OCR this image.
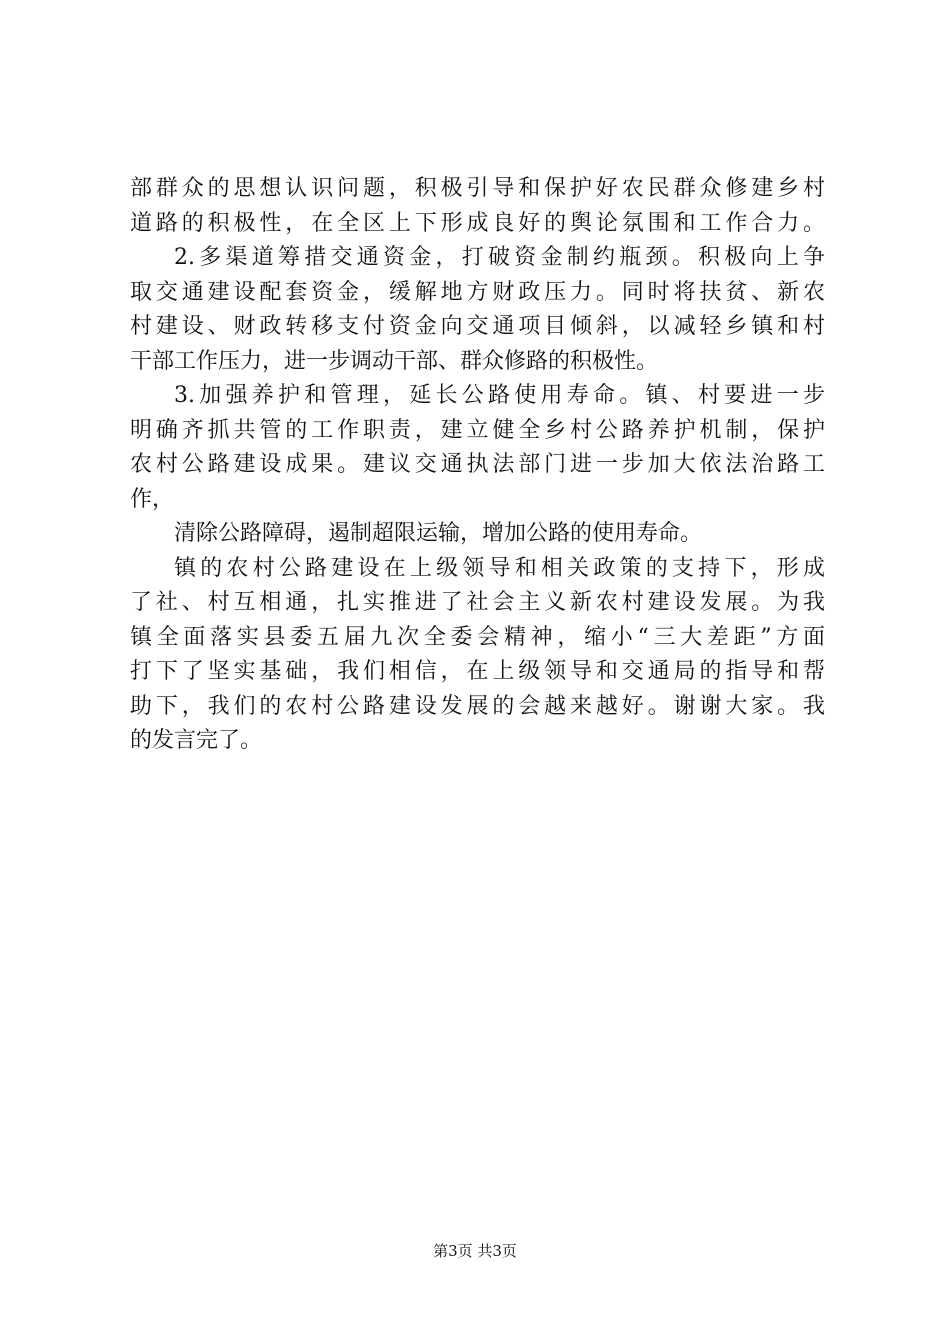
部群众的思想认识问题，积极引导和保护好农民群众修建乡村
道路的积极性，在全区上下形成良好的舆论氛围和工作合力。
2.多渠道筹措交通资金，打破资金制约瓶颈。积极向上争
取交通建设配套资金，缓解地方财政压力。同时将扶贫、新农
村建设、财政转移支付资金向交通项目倾斜，以减轻乡镇和村
干部工作压力，进一步调动干部、群众修路的积极性。
3.加强养护和管理，延长公路使用寿命。镇、村要进一步
明确齐抓共管的工作职责，建立健全乡村公路养护机制，保护
农村公路建设成果。建议交通执法部门进一步加大依法治路工
作，
清除公路障碍，遏制超限运输，增加公路的使用寿命。
镇的农村公路建设在上级领导和相关政策的支持下，形成
了社、村互相通，扎实推进了社会主义新农村建设发展。为我
镇全面落实县委五届九次全委会精神，缩小“三大差距”方面
打下了坚实基础，我们相信，在上级领导和交通局的指导和帮
助下，我们的农村公路建设发展的会越来越好。谢谢大家。我
的发言完了。
第3页 共3页
